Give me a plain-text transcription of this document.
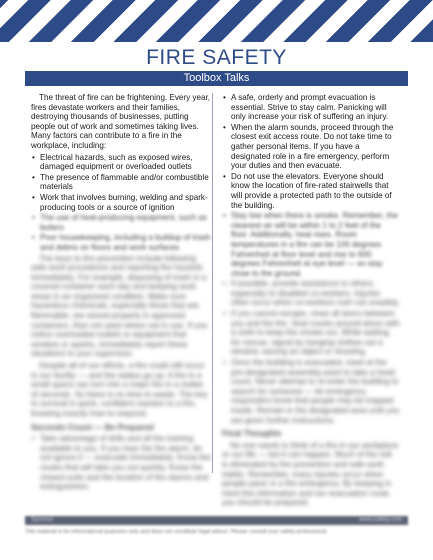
FIRE SAFETY
Toolbox Talks

The threat of fire can be frightening. Every year, fires devastate workers and their families, destroying thousands of businesses, putting people out of work and sometimes taking lives. Many factors can contribute to a fire in the workplace, including:

• Electrical hazards, such as exposed wires, damaged equipment or overloaded outlets
• The presence of flammable and/or combustible materials
• Work that involves burning, welding and spark-producing tools or a source of ignition
• The use of heat-producing equipment, such as boilers
• Poor housekeeping, including a buildup of trash and debris on floors and work surfaces

The keys to fire prevention include following safe work procedures and reporting fire hazards immediately. For example, disposing of trash in a covered container each day and keeping work areas in an organized condition. Make sure hazardous chemicals, especially those that are flammable, are stored properly in approved containers. Also not used where not in use. If you notice overloaded outlets or equipment that smokes or sparks, immediately report these situations to your supervisor.

Despite all of our efforts, a fire could still occur in our facility — and the stakes go up. A fire in a small space can turn into a major fire in a matter of seconds. So there is no time to waste. The key to survival is quick, confident reaction to a fire, knowing exactly how to respond.

Seconds Count — Be Prepared
• Take advantage of drills and all the training available to you. If you hear the fire alarm, do not ignore it — evacuate immediately. Know the routes that will take you out quickly. Know the closest exits and the location of fire alarms and extinguishers.
• A safe, orderly and prompt evacuation is essential. Strive to stay calm. Panicking will only increase your risk of suffering an injury.
• When the alarm sounds, proceed through the closest exit access route. Do not take time to gather personal items. If you have a designated role in a fire emergency, perform your duties and then evacuate.
• Do not use the elevators. Everyone should know the location of fire-rated stairwells that will provide a protected path to the outside of the building.
• Stay low when there is smoke. Remember, the cleanest air will be within 1 to 2 feet of the floor. Additionally, heat rises. Room temperatures in a fire can be 100 degrees Fahrenheit at floor level and rise to 600 degrees Fahrenheit at eye level — so stay close to the ground.
• If possible, provide assistance to others, especially to disabled co-workers. Injuries often occur when co-workers rush out unsafely.
• If you cannot escape, close all doors between you and the fire. Seal cracks around doors with a cloth to keep the smoke out. While waiting for rescue, signal by hanging clothes out a window, waving an object or shouting.
• Once the building is evacuated, meet at the pre-designated assembly point to take a head count. Never attempt to re-enter the building to search for someone — let emergency responders know that people may be trapped inside. Remain in the designated area until you are given further instructions.
Final Thoughts

No one wants to think of a fire in our workplace or our life — but it can happen. Much of the risk is eliminated by fire prevention and safe work habits. Remember, many injuries occur when people panic in a fire emergency. By keeping in mind this information and our evacuation route, you should be prepared.

Sponsor	www.safety.com
This material is for informational purposes only and does not constitute legal advice. Please consult your safety professional.
